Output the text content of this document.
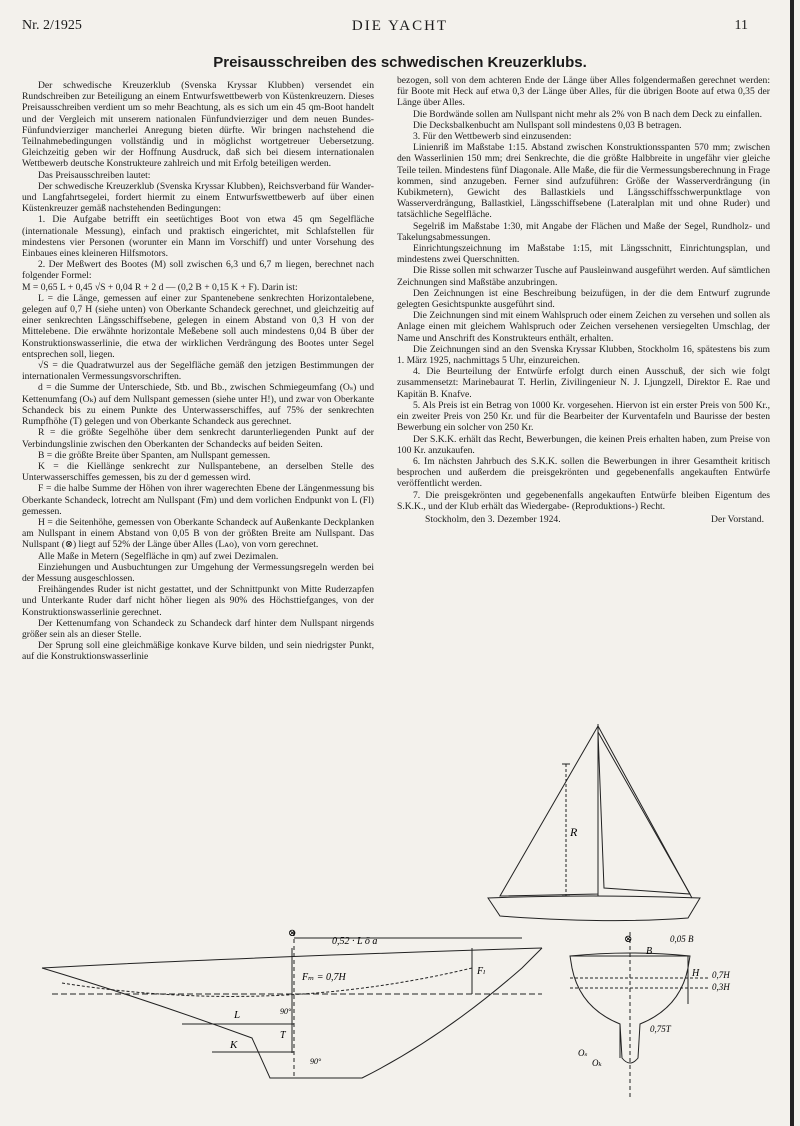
Nr. 2/1925	DIE YACHT	11
Preisausschreiben des schwedischen Kreuzerklubs.

Der schwedische Kreuzerklub (Svenska Kryssar Klubben) versendet ein Rundschreiben zur Beteiligung an einem Entwurfswettbewerb von Küstenkreuzern. Dieses Preisausschreiben verdient um so mehr Beachtung, als es sich um ein 45 qm-Boot handelt und der Vergleich mit unserem nationalen Fünfundvierziger und dem neuen Bundes-Fünfundvierziger mancherlei Anregung bieten dürfte. Wir bringen nachstehend die Teilnahmebedingungen vollständig und in möglichst wortgetreuer Uebersetzung. Gleichzeitig geben wir der Hoffnung Ausdruck, daß sich bei diesem internationalen Wettbewerb deutsche Konstrukteure zahlreich und mit Erfolg beteiligen werden.

Das Preisausschreiben lautet:

Der schwedische Kreuzerklub (Svenska Kryssar Klubben), Reichsverband für Wander- und Langfahrtsegelei, fordert hiermit zu einem Entwurfswettbewerb auf über einen Küstenkreuzer gemäß nachstehenden Bedingungen:

1. Die Aufgabe betrifft ein seetüchtiges Boot von etwa 45 qm Segelfläche (internationale Messung), einfach und praktisch eingerichtet, mit Schlafstellen für mindestens vier Personen (worunter ein Mann im Vorschiff) und unter Vorsehung des Einbaues eines kleineren Hilfsmotors.

2. Der Meßwert des Bootes (M) soll zwischen 6,3 und 6,7 m liegen, berechnet nach folgender Formel:

M = 0,65 L + 0,45 √S + 0,04 R + 2 d — (0,2 B + 0,15 K + F). Darin ist:

L = die Länge, gemessen auf einer zur Spantenebene senkrechten Horizontalebene, gelegen auf 0,7 H (siehe unten) von Oberkante Schandeck gerechnet, und gleichzeitig auf einer senkrechten Längsschiffsebene, gelegen in einem Abstand von 0,3 H von der Mittelebene. Die erwähnte horizontale Meßebene soll auch mindestens 0,04 B über der Konstruktionswasserlinie, die etwa der wirklichen Verdrängung des Bootes unter Segel entsprechen soll, liegen.

√S = die Quadratwurzel aus der Segelfläche gemäß den jetzigen Bestimmungen der internationalen Vermessungsvorschriften.

d = die Summe der Unterschiede, Stb. und Bb., zwischen Schmiegeumfang (Oₛ) und Kettenumfang (Oₖ) auf dem Nullspant gemessen (siehe unter H!), und zwar von Oberkante Schandeck bis zu einem Punkte des Unterwasserschiffes, auf 75% der senkrechten Rumpfhöhe (T) gelegen und von Oberkante Schandeck aus gerechnet.

R = die größte Segelhöhe über dem senkrecht darunterliegenden Punkt auf der Verbindungslinie zwischen den Oberkanten der Schandecks auf beiden Seiten.

B = die größte Breite über Spanten, am Nullspant gemessen.

K = die Kiellänge senkrecht zur Nullspantebene, an derselben Stelle des Unterwasserschiffes gemessen, bis zu der d gemessen wird.

F = die halbe Summe der Höhen von ihrer wagerechten Ebene der Längenmessung bis Oberkante Schandeck, lotrecht am Nullspant (Fm) und dem vorlichen Endpunkt von L (Fl) gemessen.

H = die Seitenhöhe, gemessen von Oberkante Schandeck auf Außenkante Deckplanken am Nullspant in einem Abstand von 0,05 B von der größten Breite am Nullspant. Das Nullspant (⊗) liegt auf 52% der Länge über Alles (Lᴀᴏ), von vorn gerechnet.

Alle Maße in Metern (Segelfläche in qm) auf zwei Dezimalen.

Einziehungen und Ausbuchtungen zur Umgehung der Vermessungsregeln werden bei der Messung ausgeschlossen.

Freihängendes Ruder ist nicht gestattet, und der Schnittpunkt von Mitte Ruderzapfen und Unterkante Ruder darf nicht höher liegen als 90% des Höchsttiefganges, von der Konstruktionswasserlinie gerechnet.

Der Kettenumfang von Schandeck zu Schandeck darf hinter dem Nullspant nirgends größer sein als an dieser Stelle.

Der Sprung soll eine gleichmäßige konkave Kurve bilden, und sein niedrigster Punkt, auf die Konstruktionswasserlinie

bezogen, soll von dem achteren Ende der Länge über Alles folgendermaßen gerechnet werden: für Boote mit Heck auf etwa 0,3 der Länge über Alles, für die übrigen Boote auf etwa 0,35 der Länge über Alles.

Die Bordwände sollen am Nullspant nicht mehr als 2% von B nach dem Deck zu einfallen.

Die Decksbalkenbucht am Nullspant soll mindestens 0,03 B betragen.

3. Für den Wettbewerb sind einzusenden:

Linienriß im Maßstabe 1:15. Abstand zwischen Konstruktionsspanten 570 mm; zwischen den Wasserlinien 150 mm; drei Senkrechte, die die größte Halbbreite in ungefähr vier gleiche Teile teilen. Mindestens fünf Diagonale. Alle Maße, die für die Vermessungsberechnung in Frage kommen, sind anzugeben. Ferner sind aufzuführen: Größe der Wasserverdrängung (in Kubikmetern), Gewicht des Ballastkiels und Längsschiffsschwerpunktlage von Wasserverdrängung, Ballastkiel, Längsschiffsebene (Lateralplan mit und ohne Ruder) und tatsächliche Segelfläche.

Segelriß im Maßstabe 1:30, mit Angabe der Flächen und Maße der Segel, Rundholz- und Takelungsabmessungen.

Einrichtungszeichnung im Maßstabe 1:15, mit Längsschnitt, Einrichtungsplan, und mindestens zwei Querschnitten.

Die Risse sollen mit schwarzer Tusche auf Pausleinwand ausgeführt werden. Auf sämtlichen Zeichnungen sind Maßstäbe anzubringen.

Den Zeichnungen ist eine Beschreibung beizufügen, in der die dem Entwurf zugrunde gelegten Gesichtspunkte ausgeführt sind.

Die Zeichnungen sind mit einem Wahlspruch oder einem Zeichen zu versehen und sollen als Anlage einen mit gleichem Wahlspruch oder Zeichen versehenen versiegelten Umschlag, der Name und Anschrift des Konstrukteurs enthält, erhalten.

Die Zeichnungen sind an den Svenska Kryssar Klubben, Stockholm 16, spätestens bis zum 1. März 1925, nachmittags 5 Uhr, einzureichen.

4. Die Beurteilung der Entwürfe erfolgt durch einen Ausschuß, der sich wie folgt zusammensetzt: Marinebaurat T. Herlin, Zivilingenieur N. J. Ljungzell, Direktor E. Rae und Kapitän B. Knafve.

5. Als Preis ist ein Betrag von 1000 Kr. vorgesehen. Hiervon ist ein erster Preis von 500 Kr., ein zweiter Preis von 250 Kr. und für die Bearbeiter der Kurventafeln und Baurisse der besten Bewerbung ein solcher von 250 Kr.

Der S.K.K. erhält das Recht, Bewerbungen, die keinen Preis erhalten haben, zum Preise von 100 Kr. anzukaufen.

6. Im nächsten Jahrbuch des S.K.K. sollen die Bewerbungen in ihrer Gesamtheit kritisch besprochen und außerdem die preisgekrönten und gegebenenfalls angekauften Entwürfe veröffentlicht werden.

7. Die preisgekrönten und gegebenenfalls angekauften Entwürfe bleiben Eigentum des S.K.K., und der Klub erhält das Wiedergabe- (Reproduktions-) Recht.

Stockholm, den 3. Dezember 1924.	Der Vorstand.
R
0,52 · L ö a
⊗
Fₘ = 0,7H
Fₗ
L
K
T
90°
90°
⊗	0,05 B
B
H 0,7H
0,3H
0,75T
Oₛ
Oₖ
